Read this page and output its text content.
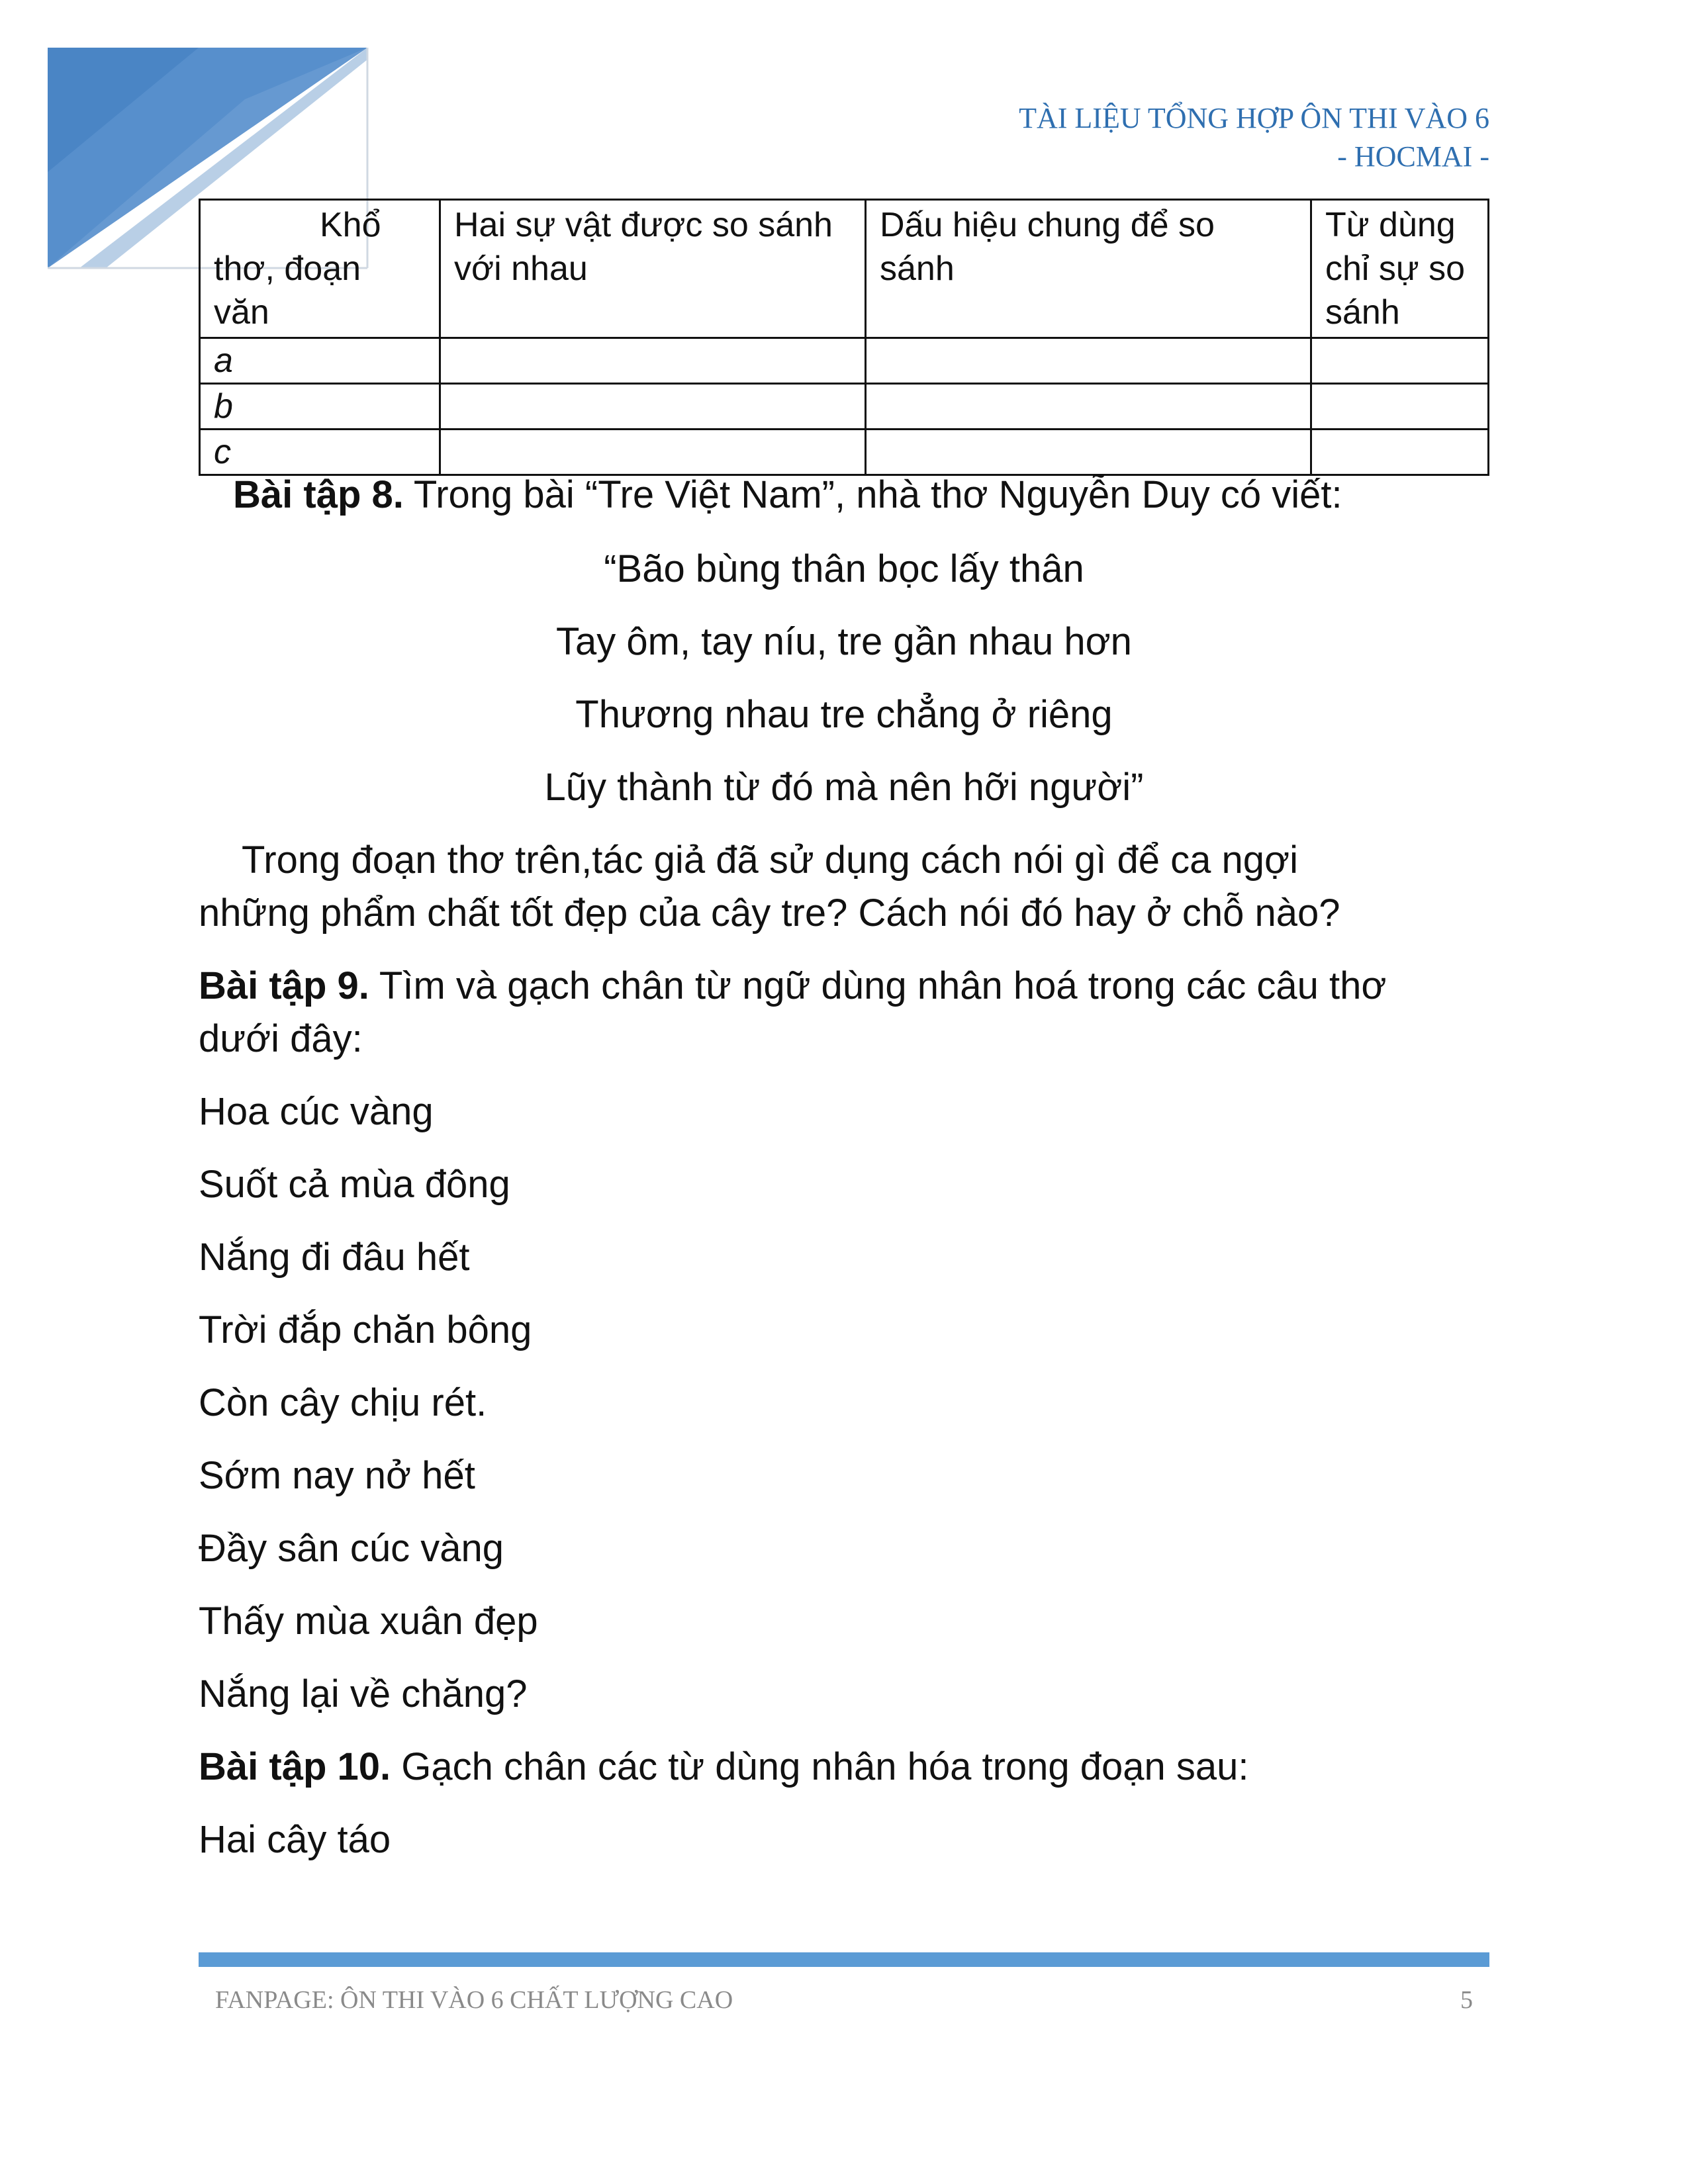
TÀI LIỆU TỔNG HỢP ÔN THI VÀO 6
- HOCMAI -
Khổ
thơ, đoạn
văn	Hai sự vật được so sánh với nhau	Dấu hiệu chung để so sánh	Từ dùng chỉ sự so sánh
a			
b			
c			
Bài tập 8. Trong bài “Tre Việt Nam”, nhà thơ Nguyễn Duy có viết:
“Bão bùng thân bọc lấy thân
Tay ôm, tay níu, tre gần nhau hơn
Thương nhau tre chẳng ở riêng
Lũy thành từ đó mà nên hỡi người”
Trong đoạn thơ trên,tác giả đã sử dụng cách nói gì để ca ngợi
những phẩm chất tốt đẹp của cây tre? Cách nói đó hay ở chỗ nào?
Bài tập 9. Tìm và gạch chân từ ngữ dùng nhân hoá trong các câu thơ
dưới đây:
Hoa cúc vàng
Suốt cả mùa đông
Nắng đi đâu hết
Trời đắp chăn bông
Còn cây chịu rét.
Sớm nay nở hết
Đầy sân cúc vàng
Thấy mùa xuân đẹp
Nắng lại về chăng?
Bài tập 10. Gạch chân các từ dùng nhân hóa trong đoạn sau:
Hai cây táo
FANPAGE: ÔN THI VÀO 6 CHẤT LƯỢNG CAO	5
